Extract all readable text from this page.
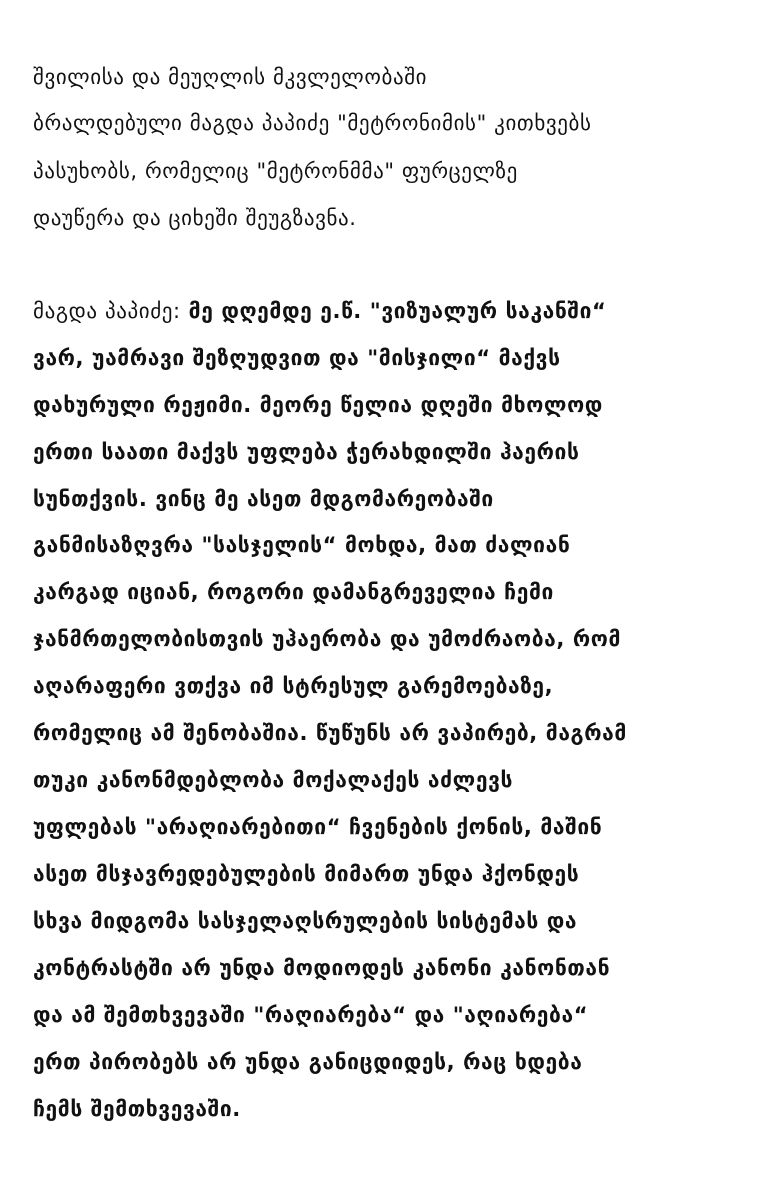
შვილისა და მეუღლის მკვლელობაში
ბრალდებული მაგდა პაპიძე "მეტრონიმის" კითხვებს
პასუხობს, რომელიც "მეტრონმმა" ფურცელზე
დაუწერა და ციხეში შეუგზავნა.
მაგდა პაპიძე: მე დღემდე ე.წ. "ვიზუალურ საკანში“
ვარ, უამრავი შეზღუდვით და "მისჯილი“ მაქვს
დახურული რეჟიმი. მეორე წელია დღეში მხოლოდ
ერთი საათი მაქვს უფლება ჭერახდილში ჰაერის
სუნთქვის. ვინც მე ასეთ მდგომარეობაში
განმისაზღვრა "სასჯელის“ მოხდა, მათ ძალიან
კარგად იციან, როგორი დამანგრეველია ჩემი
ჯანმრთელობისთვის უჰაერობა და უმოძრაობა, რომ
აღარაფერი ვთქვა იმ სტრესულ გარემოებაზე,
რომელიც ამ შენობაშია. წუწუნს არ ვაპირებ, მაგრამ
თუკი კანონმდებლობა მოქალაქეს აძლევს
უფლებას "არაღიარებითი“ ჩვენების ქონის, მაშინ
ასეთ მსჯავრედებულების მიმართ უნდა ჰქონდეს
სხვა მიდგომა სასჯელაღსრულების სისტემას და
კონტრასტში არ უნდა მოდიოდეს კანონი კანონთან
და ამ შემთხვევაში "რაღიარება“ და "აღიარება“
ერთ პირობებს არ უნდა განიცდიდეს, რაც ხდება
ჩემს შემთხვევაში.
